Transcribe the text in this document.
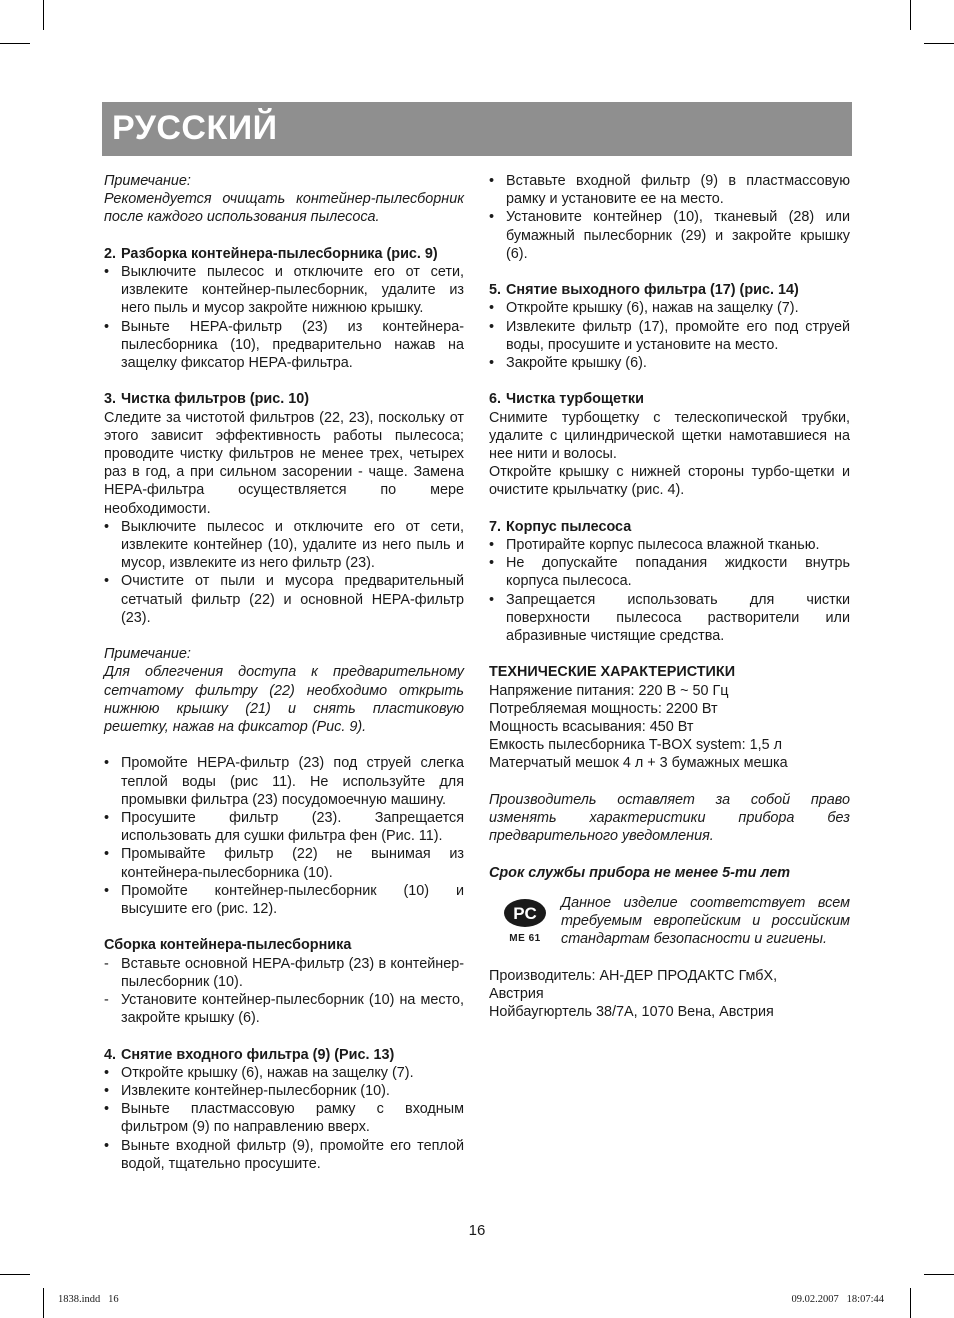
РУССКИЙ

Примечание:

Рекомендуется очищать контейнер-пылесборник после каждого использования пылесоса.

2. Разборка контейнера-пылесборника (рис. 9)
• Выключите пылесос и отключите его от сети, извлеките контейнер-пылесборник, удалите из него пыль и мусор закройте нижнюю крышку.
• Выньте НЕРА-фильтр (23) из контейнера-пылесборника (10), предварительно нажав на защелку фиксатор НЕРА-фильтра.
3. Чистка фильтров (рис. 10)

Следите за чистотой фильтров (22, 23), поскольку от этого зависит эффективность работы пылесоса; проводите чистку фильтров не менее трех, четырех раз в год, а при сильном засорении - чаще. Замена НЕРА-фильтра осуществляется по мере необходимости.

• Выключите пылесос и отключите его от сети, извлеките контейнер (10), удалите из него пыль и мусор, извлеките из него фильтр (23).
• Очистите от пыли и мусора предварительный сетчатый фильтр (22) и основной НЕРА-фильтр (23).

Примечание:

Для облегчения доступа к предварительному сетчатому фильтру (22) необходимо открыть нижнюю крышку (21) и снять пластиковую решетку, нажав на фиксатор (Рис. 9).

• Промойте НЕРА-фильтр (23) под струей слегка теплой воды (рис 11). Не используйте для промывки фильтра (23) посудомоечную машину.
• Просушите фильтр (23). Запрещается использовать для сушки фильтра фен (Рис. 11).
• Промывайте фильтр (22) не вынимая из контейнера-пылесборника (10).
• Промойте контейнер-пылесборник (10) и высушите его (рис. 12).

Сборка контейнера-пылесборника

- Вставьте основной НЕРА-фильтр (23) в контейнер-пылесборник (10).
- Установите контейнер-пылесборник (10) на место, закройте крышку (6).
4. Снятие входного фильтра (9) (Рис. 13)
• Откройте крышку (6), нажав на защелку (7).
• Извлеките контейнер-пылесборник (10).
• Выньте пластмассовую рамку с входным фильтром (9) по направлению вверх.
• Выньте входной фильтр (9), промойте его теплой водой, тщательно просушите.
• Вставьте входной фильтр (9) в пластмассовую рамку и установите ее на место.
• Установите контейнер (10), тканевый (28) или бумажный пылесборник (29) и закройте крышку (6).
5. Снятие выходного фильтра (17) (рис. 14)
• Откройте крышку (6), нажав на защелку (7).
• Извлеките фильтр (17), промойте его под струей воды, просушите и установите на место.
• Закройте крышку (6).
6. Чистка турбощетки

Снимите турбощетку с телескопической трубки, удалите с цилиндрической щетки намотавшиеся на нее нити и волосы.

Откройте крышку с нижней стороны турбо-щетки и очистите крыльчатку (рис. 4).

7. Корпус пылесоса
• Протирайте корпус пылесоса влажной тканью.
• Не допускайте попадания жидкости внутрь корпуса пылесоса.
• Запрещается использовать для чистки поверхности пылесоса растворители или абразивные чистящие средства.

ТЕХНИЧЕСКИЕ ХАРАКТЕРИСТИКИ

Напряжение питания: 220 В ~ 50 Гц

Потребляемая мощность: 2200 Вт

Мощность всасывания: 450 Вт

Емкость пылесборника T-BOX system: 1,5 л

Матерчатый мешок 4 л + 3 бумажных мешка

Производитель оставляет за собой право изменять характеристики прибора без предварительного уведомления.

Срок службы прибора не менее 5-ти лет

PC
МЕ 61

Данное изделие соответствует всем требуемым европейским и российским стандартам безопасности и гигиены.

Производитель: АН-ДЕР ПРОДАКТС ГмбХ,

Австрия

Нойбаугюртель 38/7А, 1070 Вена, Австрия

16
1838.indd   16	09.02.2007   18:07:44
